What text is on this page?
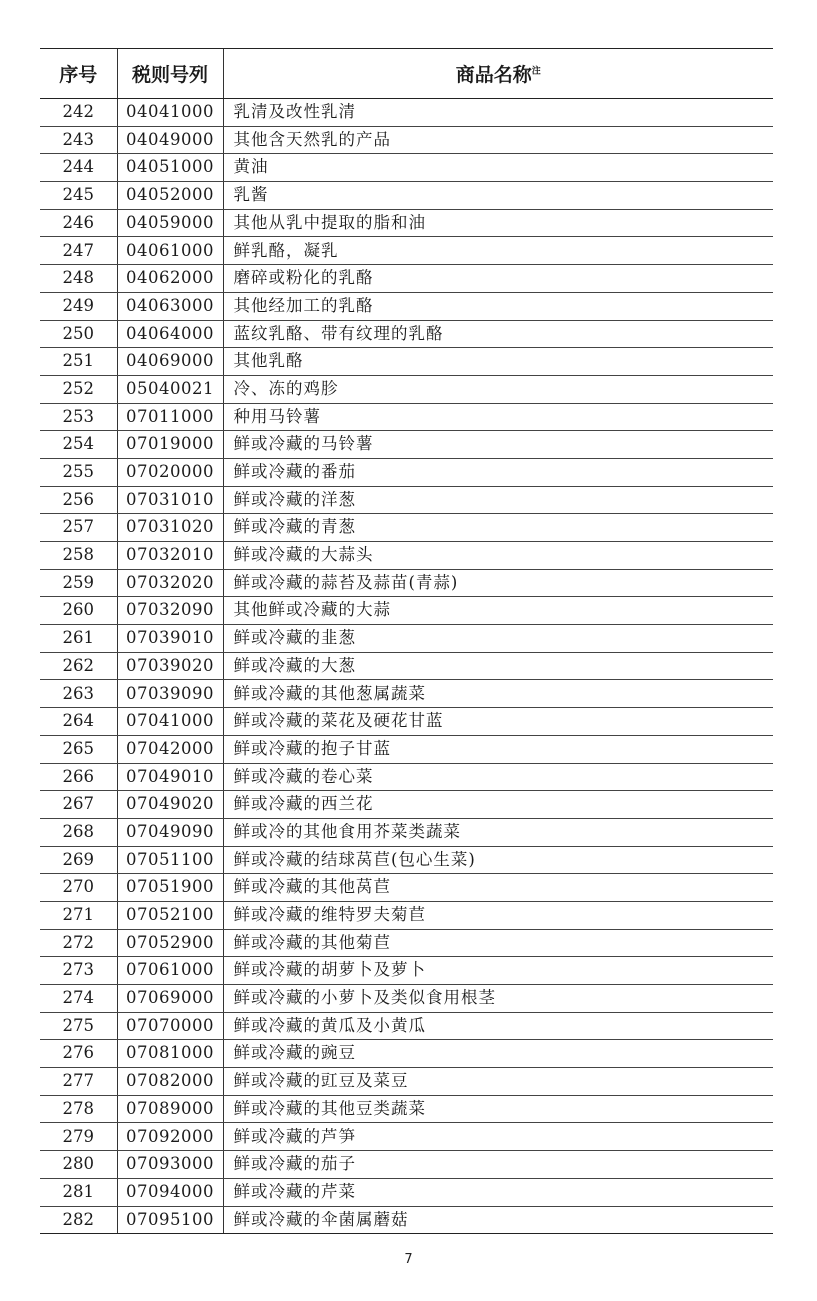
序号	税则号列	商品名称$^注$
242	04041000	乳清及改性乳清
243	04049000	其他含天然乳的产品
244	04051000	黄油
245	04052000	乳酱
246	04059000	其他从乳中提取的脂和油
247	04061000	鲜乳酪，凝乳
248	04062000	磨碎或粉化的乳酪
249	04063000	其他经加工的乳酪
250	04064000	蓝纹乳酪、带有纹理的乳酪
251	04069000	其他乳酪
252	05040021	冷、冻的鸡胗
253	07011000	种用马铃薯
254	07019000	鲜或冷藏的马铃薯
255	07020000	鲜或冷藏的番茄
256	07031010	鲜或冷藏的洋葱
257	07031020	鲜或冷藏的青葱
258	07032010	鲜或冷藏的大蒜头
259	07032020	鲜或冷藏的蒜苔及蒜苗(青蒜)
260	07032090	其他鲜或冷藏的大蒜
261	07039010	鲜或冷藏的韭葱
262	07039020	鲜或冷藏的大葱
263	07039090	鲜或冷藏的其他葱属蔬菜
264	07041000	鲜或冷藏的菜花及硬花甘蓝
265	07042000	鲜或冷藏的抱子甘蓝
266	07049010	鲜或冷藏的卷心菜
267	07049020	鲜或冷藏的西兰花
268	07049090	鲜或冷的其他食用芥菜类蔬菜
269	07051100	鲜或冷藏的结球莴苣(包心生菜)
270	07051900	鲜或冷藏的其他莴苣
271	07052100	鲜或冷藏的维特罗夫菊苣
272	07052900	鲜或冷藏的其他菊苣
273	07061000	鲜或冷藏的胡萝卜及萝卜
274	07069000	鲜或冷藏的小萝卜及类似食用根茎
275	07070000	鲜或冷藏的黄瓜及小黄瓜
276	07081000	鲜或冷藏的豌豆
277	07082000	鲜或冷藏的豇豆及菜豆
278	07089000	鲜或冷藏的其他豆类蔬菜
279	07092000	鲜或冷藏的芦笋
280	07093000	鲜或冷藏的茄子
281	07094000	鲜或冷藏的芹菜
282	07095100	鲜或冷藏的伞菌属蘑菇
7
